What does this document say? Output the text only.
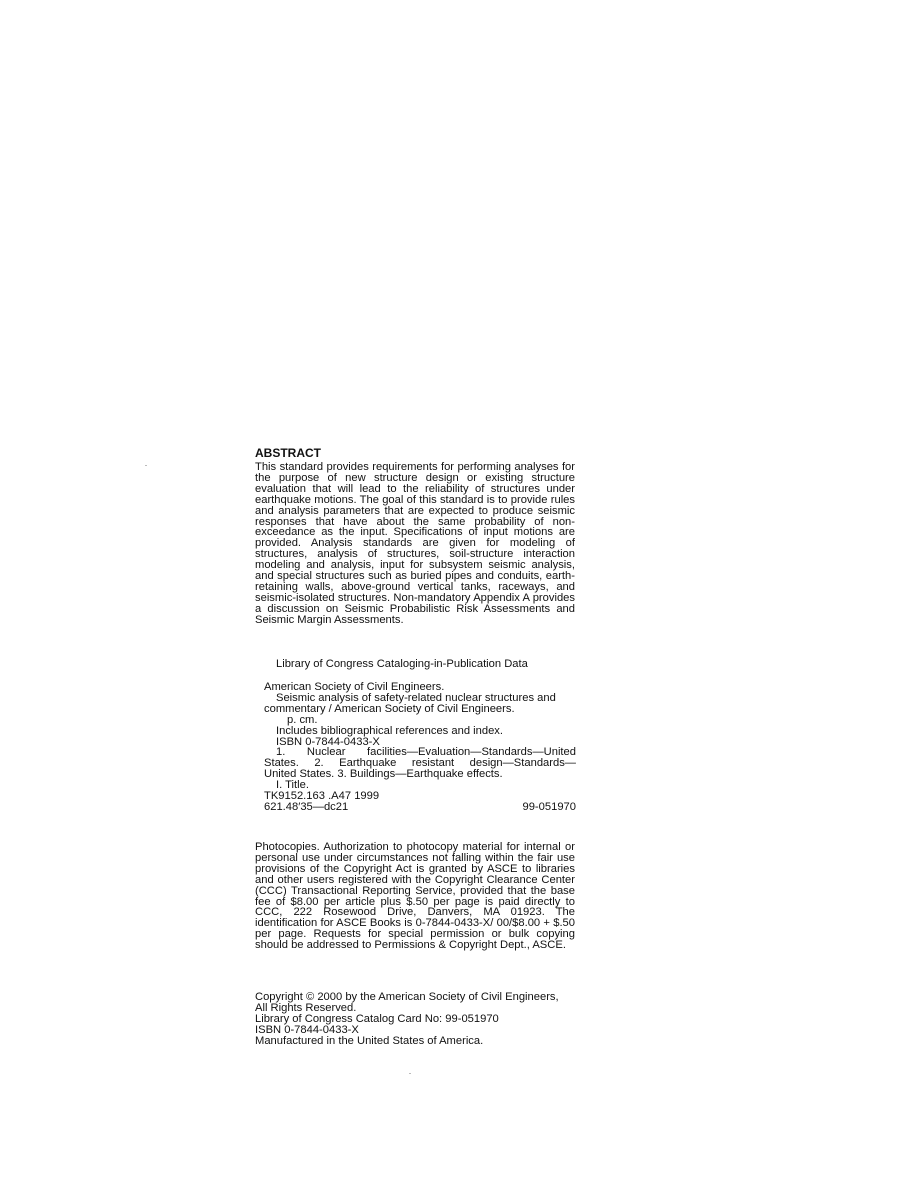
ABSTRACT

This standard provides requirements for performing analyses for the purpose of new structure design or existing structure evaluation that will lead to the reliability of structures under earthquake motions. The goal of this standard is to provide rules and analysis parameters that are expected to produce seismic responses that have about the same probability of non-exceedance as the input. Specifications of input motions are provided. Analysis standards are given for modeling of structures, analysis of structures, soil-structure interaction modeling and analysis, input for subsystem seismic analysis, and special structures such as buried pipes and conduits, earth-retaining walls, above-ground vertical tanks, raceways, and seismic-isolated structures. Non-mandatory Appendix A provides a discussion on Seismic Probabilistic Risk Assessments and Seismic Margin Assessments.

Library of Congress Cataloging-in-Publication Data
American Society of Civil Engineers.
Seismic analysis of safety-related nuclear structures and
commentary / American Society of Civil Engineers.
p. cm.
Includes bibliographical references and index.
ISBN 0-7844-0433-X
1. Nuclear facilities—Evaluation—Standards—United
States. 2. Earthquake resistant design—Standards—
United States. 3. Buildings—Earthquake effects.
I. Title.
TK9152.163 .A47 1999
621.48′35—dc21	99-051970

Photocopies. Authorization to photocopy material for internal or personal use under circumstances not falling within the fair use provisions of the Copyright Act is granted by ASCE to libraries and other users registered with the Copyright Clearance Center (CCC) Transactional Reporting Service, provided that the base fee of $8.00 per article plus $.50 per page is paid directly to CCC, 222 Rosewood Drive, Danvers, MA 01923. The identification for ASCE Books is 0-7844-0433-X/ 00/$8.00 + $.50 per page. Requests for special permission or bulk copying should be addressed to Permissions & Copyright Dept., ASCE.

Copyright © 2000 by the American Society of Civil Engineers,
All Rights Reserved.
Library of Congress Catalog Card No: 99-051970
ISBN 0-7844-0433-X
Manufactured in the United States of America.
